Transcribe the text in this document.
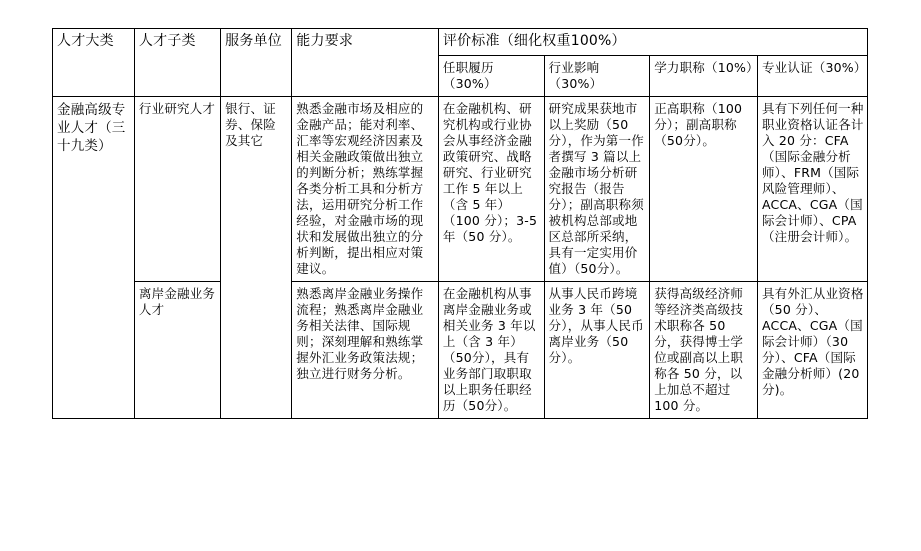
人才大类	人才子类	服务单位	能力要求	评价标准（细化权重100%）			
				任职履历（30%）	行业影响（30%）	学力职称（10%）	专业认证（30%）
金融高级专业人才（三十九类）	行业研究人才	银行、证券、保险及其它	熟悉金融市场及相应的金融产品；能对利率、汇率等宏观经济因素及相关金融政策做出独立的判断分析；熟练掌握各类分析工具和分析方法，运用研究分析工作经验，对金融市场的现状和发展做出独立的分析判断，提出相应对策建议。	在金融机构、研究机构或行业协会从事经济金融政策研究、战略研究、行业研究工作 5 年以上（含 5 年）（100 分）；3-5 年（50 分）。	研究成果获地市以上奖励（50分），作为第一作者撰写 3 篇以上金融市场分析研究报告（报告分）；副高职称须被机构总部或地区总部所采纳，具有一定实用价值）（50分）。	正高职称（100分）；副高职称（50分）。	具有下列任何一种职业资格认证各计入 20 分：CFA（国际金融分析师）、FRM（国际风险管理师）、ACCA、CGA（国际会计师）、CPA（注册会计师）。
	离岸金融业务人才		熟悉离岸金融业务操作流程；熟悉离岸金融业务相关法律、国际规则；深刻理解和熟练掌握外汇业务政策法规；独立进行财务分析。	在金融机构从事离岸金融业务或相关业务 3 年以上（含 3 年）（50分），具有业务部门取职取以上职务任职经历（50分）。	从事人民币跨境业务 3 年（50分），从事人民币离岸业务（50分）。	获得高级经济师等经济类高级技术职称各 50 分，获得博士学位或副高以上职称各 50 分，以上加总不超过 100 分。	具有外汇从业资格（50 分）、ACCA、CGA（国际会计师）（30分）、CFA（国际金融分析师）(20分)。
